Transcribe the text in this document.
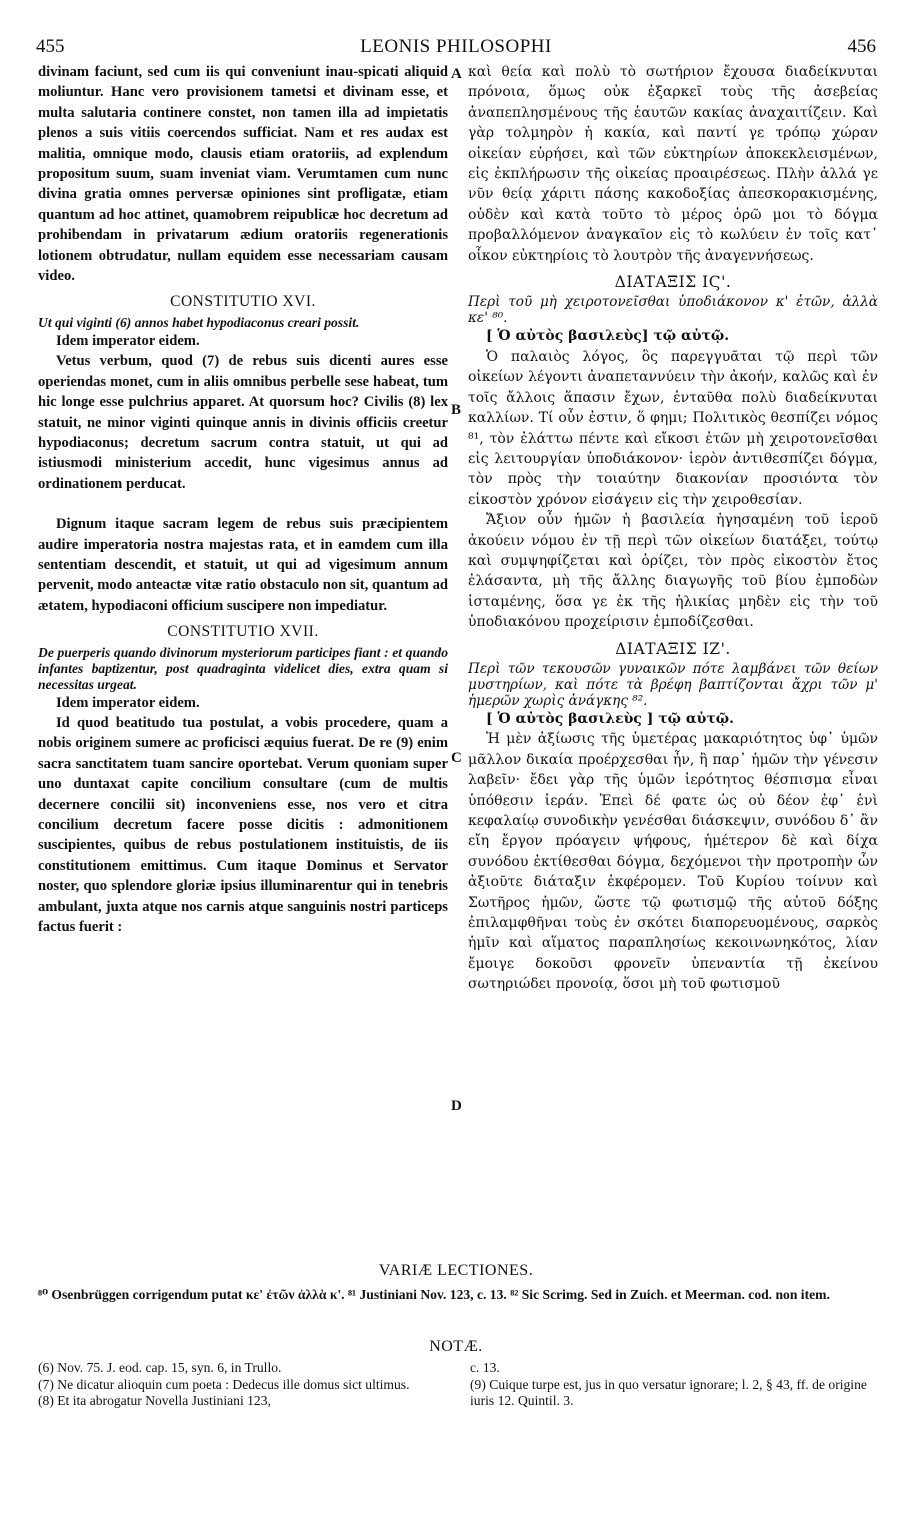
455	LEONIS PHILOSOPHI	456
A
B
C
D

divinam faciunt, sed cum iis qui conveniunt inau-spicati aliquid moliuntur. Hanc vero provisionem tametsi et divinam esse, et multa salutaria continere constet, non tamen illa ad impietatis plenos a suis vitiis coercendos sufficiat. Nam et res audax est malitia, omnique modo, clausis etiam oratoriis, ad explendum propositum suum, suam inveniat viam. Verumtamen cum nunc divina gratia omnes perversæ opiniones sint profligatæ, etiam quantum ad hoc attinet, quamobrem reipublicæ hoc decretum ad prohibendam in privatarum ædium oratoriis regenerationis lotionem obtrudatur, nullam equidem esse necessariam causam video.

CONSTITUTIO XVI.

Ut qui viginti (6) annos habet hypodiaconus creari possit.

Idem imperator eidem.

Vetus verbum, quod (7) de rebus suis dicenti aures esse operiendas monet, cum in aliis omnibus perbelle sese habeat, tum hic longe esse pulchrius apparet. At quorsum hoc? Civilis (8) lex statuit, ne minor viginti quinque annis in divinis officiis creetur hypodiaconus; decretum sacrum contra statuit, ut qui ad istiusmodi ministerium accedit, hunc vigesimus annus ad ordinationem perducat.

Dignum itaque sacram legem de rebus suis præcipientem audire imperatoria nostra majestas rata, et in eamdem cum illa sententiam descendit, et statuit, ut qui ad vigesimum annum pervenit, modo anteactæ vitæ ratio obstaculo non sit, quantum ad ætatem, hypodiaconi officium suscipere non impediatur.

CONSTITUTIO XVII.

De puerperis quando divinorum mysteriorum participes fiant : et quando infantes baptizentur, post quadraginta videlicet dies, extra quam si necessitas urgeat.

Idem imperator eidem.

Id quod beatitudo tua postulat, a vobis procedere, quam a nobis originem sumere ac proficisci æquius fuerat. De re (9) enim sacra sanctitatem tuam sancire oportebat. Verum quoniam super uno duntaxat capite concilium consultare (cum de multis decernere concilii sit) inconveniens esse, nos vero et citra concilium decretum facere posse dicitis : admonitionem suscipientes, quibus de rebus postulationem instituistis, de iis constitutionem emittimus. Cum itaque Dominus et Servator noster, quo splendore gloriæ ipsius illuminarentur qui in tenebris ambulant, juxta atque nos carnis atque sanguinis nostri particeps factus fuerit :

καὶ θεία καὶ πολὺ τὸ σωτήριον ἔχουσα διαδείκνυται πρόνοια, ὅμως οὐκ ἐξαρκεῖ τοὺς τῆς ἀσεβείας ἀναπεπλησμένους τῆς ἑαυτῶν κακίας ἀναχαιτίζειν. Καὶ γὰρ τολμηρὸν ἡ κακία, καὶ παντί γε τρόπῳ χώραν οἰκείαν εὑρήσει, καὶ τῶν εὐκτηρίων ἀποκεκλεισμένων, εἰς ἐκπλήρωσιν τῆς οἰκείας προαιρέσεως. Πλὴν ἀλλά γε νῦν θείᾳ χάριτι πάσης κακοδοξίας ἀπεσκορακισμένης, οὐδὲν καὶ κατὰ τοῦτο τὸ μέρος ὁρῶ μοι τὸ δόγμα προβαλλόμενον ἀναγκαῖον εἰς τὸ κωλύειν ἐν τοῖς κατ᾽ οἶκον εὐκτηρίοις τὸ λουτρὸν τῆς ἀναγεννήσεως.

ΔΙΑΤΑΞΙΣ ΙϚ'.

Περὶ τοῦ μὴ χειροτονεῖσθαι ὑποδιάκονον κ' ἐτῶν, ἀλλὰ κε' ⁸⁰.

[ Ὁ αὐτὸς βασιλεὺς] τῷ αὐτῷ.

Ὁ παλαιὸς λόγος, ὃς παρεγγυᾶται τῷ περὶ τῶν οἰκείων λέγοντι ἀναπεταννύειν τὴν ἀκοήν, καλῶς καὶ ἐν τοῖς ἄλλοις ἅπασιν ἔχων, ἐνταῦθα πολὺ διαδείκνυται καλλίων. Τί οὖν ἐστιν, ὅ φημι; Πολιτικὸς θεσπίζει νόμος ⁸¹, τὸν ἐλάττω πέντε καὶ εἴκοσι ἐτῶν μὴ χειροτονεῖσθαι εἰς λειτουργίαν ὑποδιάκονον· ἱερὸν ἀντιθεσπίζει δόγμα, τὸν πρὸς τὴν τοιαύτην διακονίαν προσιόντα τὸν εἰκοστὸν χρόνον εἰσάγειν εἰς τὴν χειροθεσίαν.

Ἄξιον οὖν ἡμῶν ἡ βασιλεία ἡγησαμένη τοῦ ἱεροῦ ἀκούειν νόμου ἐν τῇ περὶ τῶν οἰκείων διατάξει, τούτῳ καὶ συμψηφίζεται καὶ ὁρίζει, τὸν πρὸς εἰκοστὸν ἔτος ἐλάσαντα, μὴ τῆς ἄλλης διαγωγῆς τοῦ βίου ἐμποδὼν ἱσταμένης, ὅσα γε ἐκ τῆς ἡλικίας μηδὲν εἰς τὴν τοῦ ὑποδιακόνου προχείρισιν ἐμποδίζεσθαι.

ΔΙΑΤΑΞΙΣ ΙΖ'.

Περὶ τῶν τεκουσῶν γυναικῶν πότε λαμβάνει τῶν θείων μυστηρίων, καὶ πότε τὰ βρέφη βαπτίζονται ἄχρι τῶν μ' ἡμερῶν χωρὶς ἀνάγκης ⁸².

[ Ὁ αὐτὸς βασιλεὺς ] τῷ αὐτῷ.

Ἡ μὲν ἀξίωσις τῆς ὑμετέρας μακαριότητος ὑφ᾽ ὑμῶν μᾶλλον δικαία προέρχεσθαι ἦν, ἢ παρ᾽ ἡμῶν τὴν γένεσιν λαβεῖν· ἔδει γὰρ τῆς ὑμῶν ἱερότητος θέσπισμα εἶναι ὑπόθεσιν ἱεράν. Ἐπεὶ δέ φατε ὡς οὐ δέον ἐφ᾽ ἑνὶ κεφαλαίῳ συνοδικὴν γενέσθαι διάσκεψιν, συνόδου δ᾽ ἂν εἴη ἔργον πρόαγειν ψήφους, ἡμέτερον δὲ καὶ δίχα συνόδου ἐκτίθεσθαι δόγμα, δεχόμενοι τὴν προτροπὴν ὧν ἀξιοῦτε διάταξιν ἐκφέρομεν. Τοῦ Κυρίου τοίνυν καὶ Σωτῆρος ἡμῶν, ὥστε τῷ φωτισμῷ τῆς αὐτοῦ δόξης ἐπιλαμφθῆναι τοὺς ἐν σκότει διαπορευομένους, σαρκὸς ἡμῖν καὶ αἵματος παραπλησίως κεκοινωνηκότος, λίαν ἔμοιγε δοκοῦσι φρονεῖν ὑπεναντία τῇ ἐκείνου σωτηριώδει προνοίᾳ, ὅσοι μὴ τοῦ φωτισμοῦ

VARIÆ LECTIONES.
⁸⁰ Osenbrüggen corrigendum putat κε' ἐτῶν ἀλλὰ κ'. ⁸¹ Justiniani Nov. 123, c. 13. ⁸² Sic Scrimg. Sed in Zuich. et Meerman. cod. non item.
NOTÆ.
(6) Nov. 75. J. eod. cap. 15, syn. 6, in Trullo.
(7) Ne dicatur alioquin cum poeta : Dedecus ille domus sict ultimus.
(8) Et ita abrogatur Novella Justiniani 123,
c. 13.
(9) Cuique turpe est, jus in quo versatur ignorare; l. 2, § 43, ff. de origine iuris 12. Quintil. 3.
